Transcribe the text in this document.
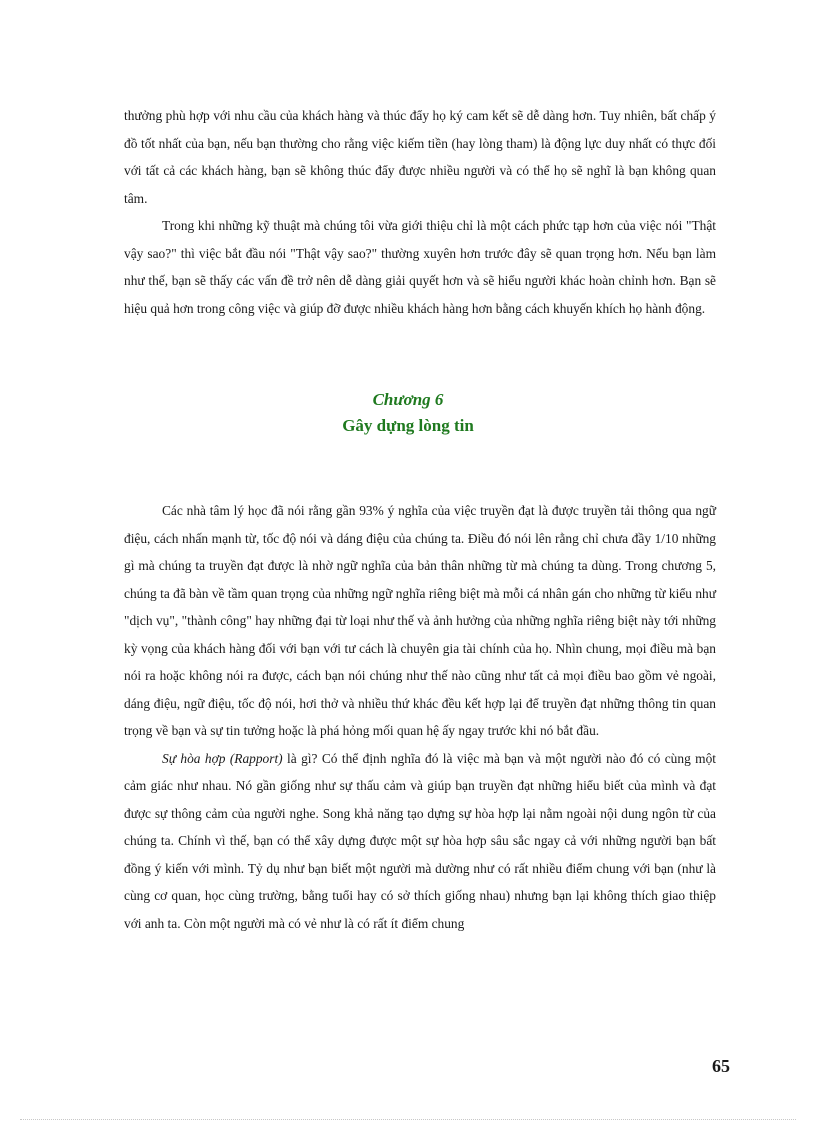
thưởng phù hợp với nhu cầu của khách hàng và thúc đẩy họ ký cam kết sẽ dễ dàng hơn. Tuy nhiên, bất chấp ý đồ tốt nhất của bạn, nếu bạn thường cho rằng việc kiếm tiền (hay lòng tham) là động lực duy nhất có thực đối với tất cả các khách hàng, bạn sẽ không thúc đẩy được nhiều người và có thể họ sẽ nghĩ là bạn không quan tâm.

Trong khi những kỹ thuật mà chúng tôi vừa giới thiệu chỉ là một cách phức tạp hơn của việc nói "Thật vậy sao?" thì việc bắt đầu nói "Thật vậy sao?" thường xuyên hơn trước đây sẽ quan trọng hơn. Nếu bạn làm như thế, bạn sẽ thấy các vấn đề trở nên dễ dàng giải quyết hơn và sẽ hiểu người khác hoàn chỉnh hơn. Bạn sẽ hiệu quả hơn trong công việc và giúp đỡ được nhiều khách hàng hơn bằng cách khuyến khích họ hành động.

Chương 6
Gây dựng lòng tin

Các nhà tâm lý học đã nói rằng gần 93% ý nghĩa của việc truyền đạt là được truyền tải thông qua ngữ điệu, cách nhấn mạnh từ, tốc độ nói và dáng điệu của chúng ta. Điều đó nói lên rằng chỉ chưa đầy 1/10 những gì mà chúng ta truyền đạt được là nhờ ngữ nghĩa của bản thân những từ mà chúng ta dùng. Trong chương 5, chúng ta đã bàn về tầm quan trọng của những ngữ nghĩa riêng biệt mà mỗi cá nhân gán cho những từ kiểu như "dịch vụ", "thành công" hay những đại từ loại như thế và ảnh hưởng của những nghĩa riêng biệt này tới những kỳ vọng của khách hàng đối với bạn với tư cách là chuyên gia tài chính của họ. Nhìn chung, mọi điều mà bạn nói ra hoặc không nói ra được, cách bạn nói chúng như thế nào cũng như tất cả mọi điều bao gồm vẻ ngoài, dáng điệu, ngữ điệu, tốc độ nói, hơi thở và nhiều thứ khác đều kết hợp lại để truyền đạt những thông tin quan trọng về bạn và sự tin tưởng hoặc là phá hỏng mối quan hệ ấy ngay trước khi nó bắt đầu.

Sự hòa hợp (Rapport) là gì? Có thể định nghĩa đó là việc mà bạn và một người nào đó có cùng một cảm giác như nhau. Nó gần giống như sự thấu cảm và giúp bạn truyền đạt những hiểu biết của mình và đạt được sự thông cảm của người nghe. Song khả năng tạo dựng sự hòa hợp lại nằm ngoài nội dung ngôn từ của chúng ta. Chính vì thế, bạn có thể xây dựng được một sự hòa hợp sâu sắc ngay cả với những người bạn bất đồng ý kiến với mình. Tỷ dụ như bạn biết một người mà dường như có rất nhiều điểm chung với bạn (như là cùng cơ quan, học cùng trường, bằng tuổi hay có sở thích giống nhau) nhưng bạn lại không thích giao thiệp với anh ta. Còn một người mà có vẻ như là có rất ít điểm chung

65
